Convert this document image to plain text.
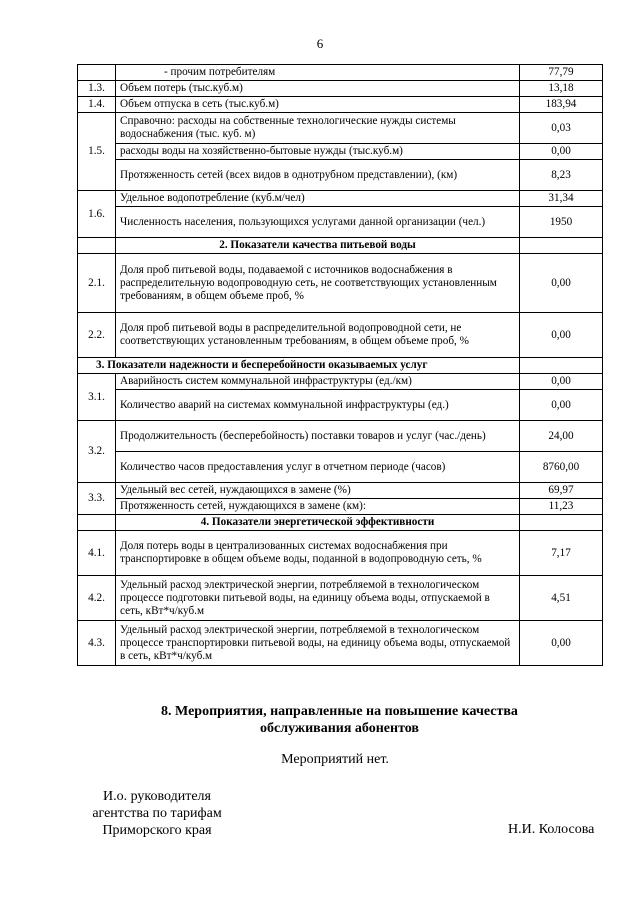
6
	- прочим потребителям	77,79
1.3.	Объем потерь (тыс.куб.м)	13,18
1.4.	Объем отпуска в сеть (тыс.куб.м)	183,94
1.5.	Справочно: расходы на собственные технологические нужды системы водоснабжения (тыс. куб. м)	0,03
	расходы воды на хозяйственно-бытовые нужды (тыс.куб.м)	0,00
	Протяженность сетей (всех видов в однотрубном представлении), (км)	8,23
1.6.	Удельное водопотребление (куб.м/чел)	31,34
	Численность населения, пользующихся услугами данной организации (чел.)	1950
	2. Показатели качества питьевой воды	
2.1.	Доля проб питьевой воды, подаваемой с источников водоснабжения в распределительную водопроводную сеть, не соответствующих установленным требованиям, в общем объеме проб, %	0,00
2.2.	Доля проб питьевой воды в распределительной водопроводной сети, не соответствующих установленным требованиям, в общем объеме проб, %	0,00
3. Показатели надежности и бесперебойности оказываемых услуг		
3.1.	Аварийность систем коммунальной инфраструктуры (ед./км)	0,00
	Количество аварий на системах коммунальной инфраструктуры (ед.)	0,00
3.2.	Продолжительность (бесперебойность) поставки товаров и услуг (час./день)	24,00
	Количество часов предоставления услуг в отчетном периоде (часов)	8760,00
3.3.	Удельный вес сетей, нуждающихся в замене (%)	69,97
	Протяженность сетей, нуждающихся в замене (км):	11,23
	4. Показатели энергетической эффективности	
4.1.	Доля потерь воды в централизованных системах водоснабжения при транспортировке в общем объеме воды, поданной в водопроводную сеть, %	7,17
4.2.	Удельный расход электрической энергии, потребляемой в технологическом процессе подготовки питьевой воды, на единицу объема воды, отпускаемой в сеть, кВт*ч/куб.м	4,51
4.3.	Удельный расход электрической энергии, потребляемой в технологическом процессе транспортировки питьевой воды, на единицу объема воды, отпускаемой в сеть, кВт*ч/куб.м	0,00
8. Мероприятия, направленные на повышение качества
обслуживания абонентов
Мероприятий нет.
И.о. руководителя
агентства по тарифам
Приморского края	Н.И. Колосова
